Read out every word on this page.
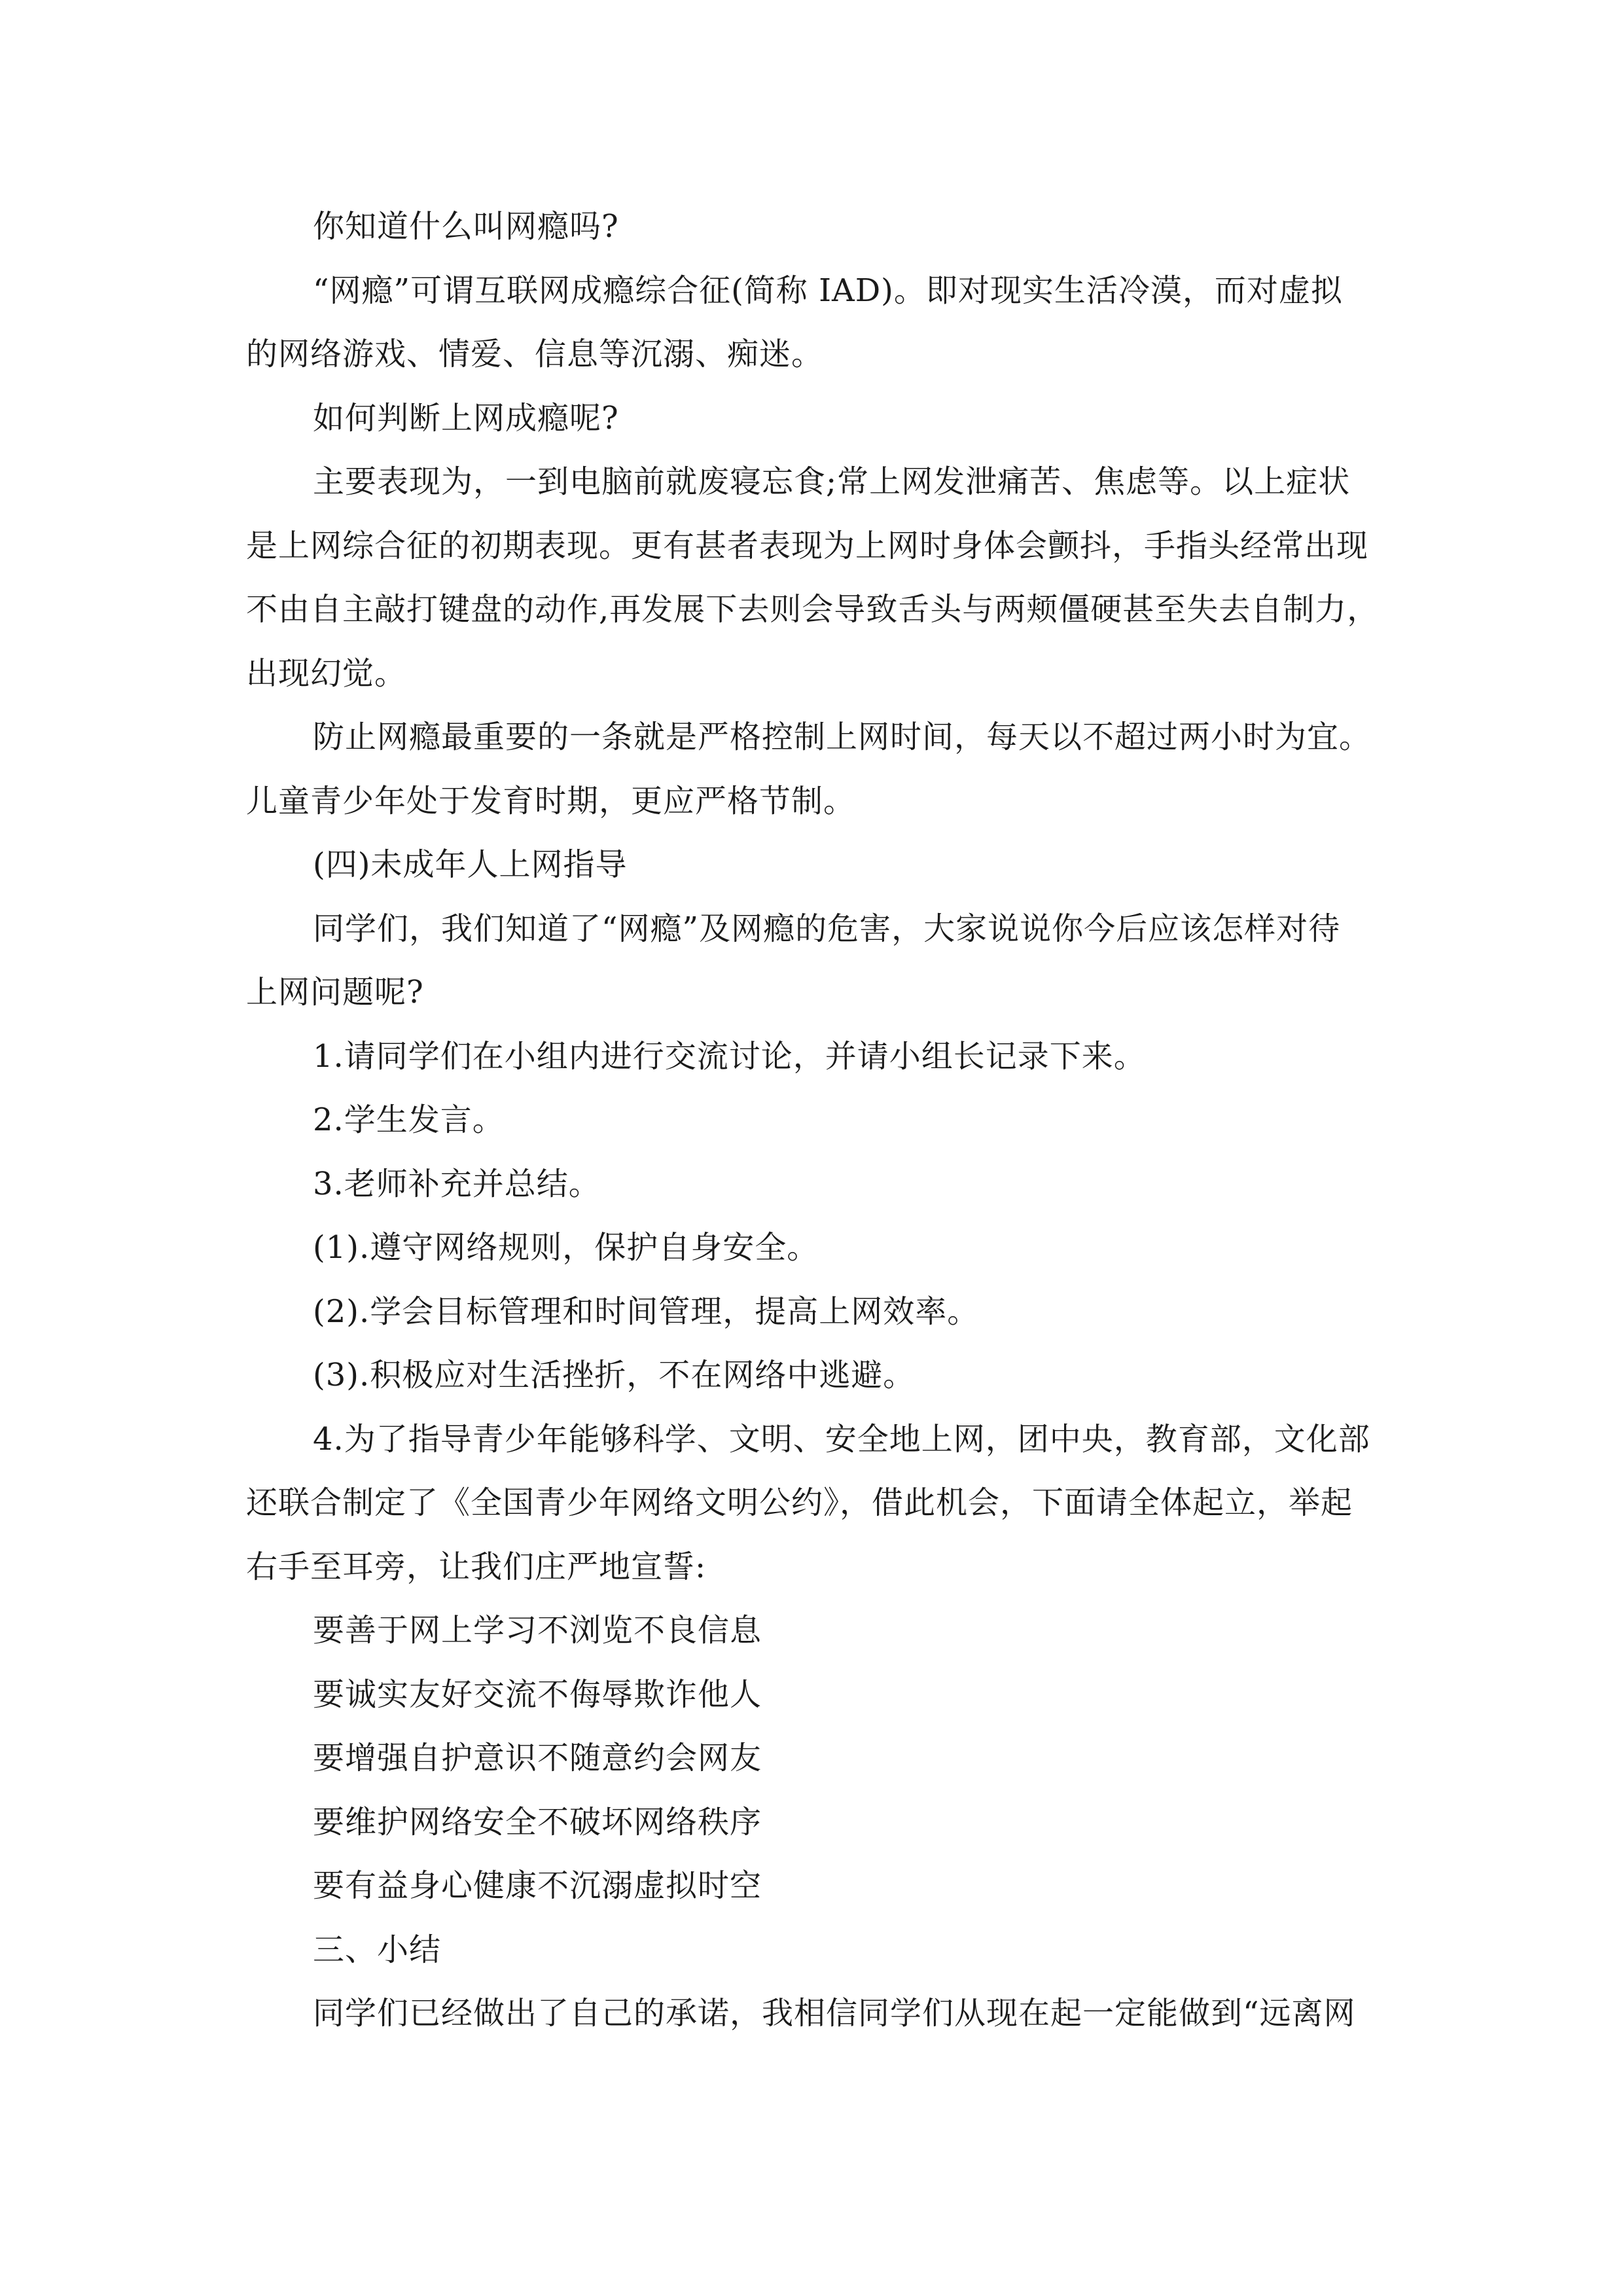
你知道什么叫网瘾吗?

“网瘾”可谓互联网成瘾综合征(简称 IAD)。即对现实生活冷漠，而对虚拟
的网络游戏、情爱、信息等沉溺、痴迷。

如何判断上网成瘾呢?

主要表现为，一到电脑前就废寝忘食;常上网发泄痛苦、焦虑等。以上症状
是上网综合征的初期表现。更有甚者表现为上网时身体会颤抖，手指头经常出现
不由自主敲打键盘的动作,再发展下去则会导致舌头与两颊僵硬甚至失去自制力，
出现幻觉。

防止网瘾最重要的一条就是严格控制上网时间，每天以不超过两小时为宜。
儿童青少年处于发育时期，更应严格节制。

(四)未成年人上网指导

同学们，我们知道了“网瘾”及网瘾的危害，大家说说你今后应该怎样对待
上网问题呢?

1.请同学们在小组内进行交流讨论，并请小组长记录下来。

2.学生发言。

3.老师补充并总结。

(1).遵守网络规则，保护自身安全。

(2).学会目标管理和时间管理，提高上网效率。

(3).积极应对生活挫折，不在网络中逃避。

4.为了指导青少年能够科学、文明、安全地上网，团中央，教育部，文化部
还联合制定了《全国青少年网络文明公约》，借此机会，下面请全体起立，举起
右手至耳旁，让我们庄严地宣誓:

要善于网上学习不浏览不良信息

要诚实友好交流不侮辱欺诈他人

要增强自护意识不随意约会网友

要维护网络安全不破坏网络秩序

要有益身心健康不沉溺虚拟时空

三、小结

同学们已经做出了自己的承诺，我相信同学们从现在起一定能做到“远离网
